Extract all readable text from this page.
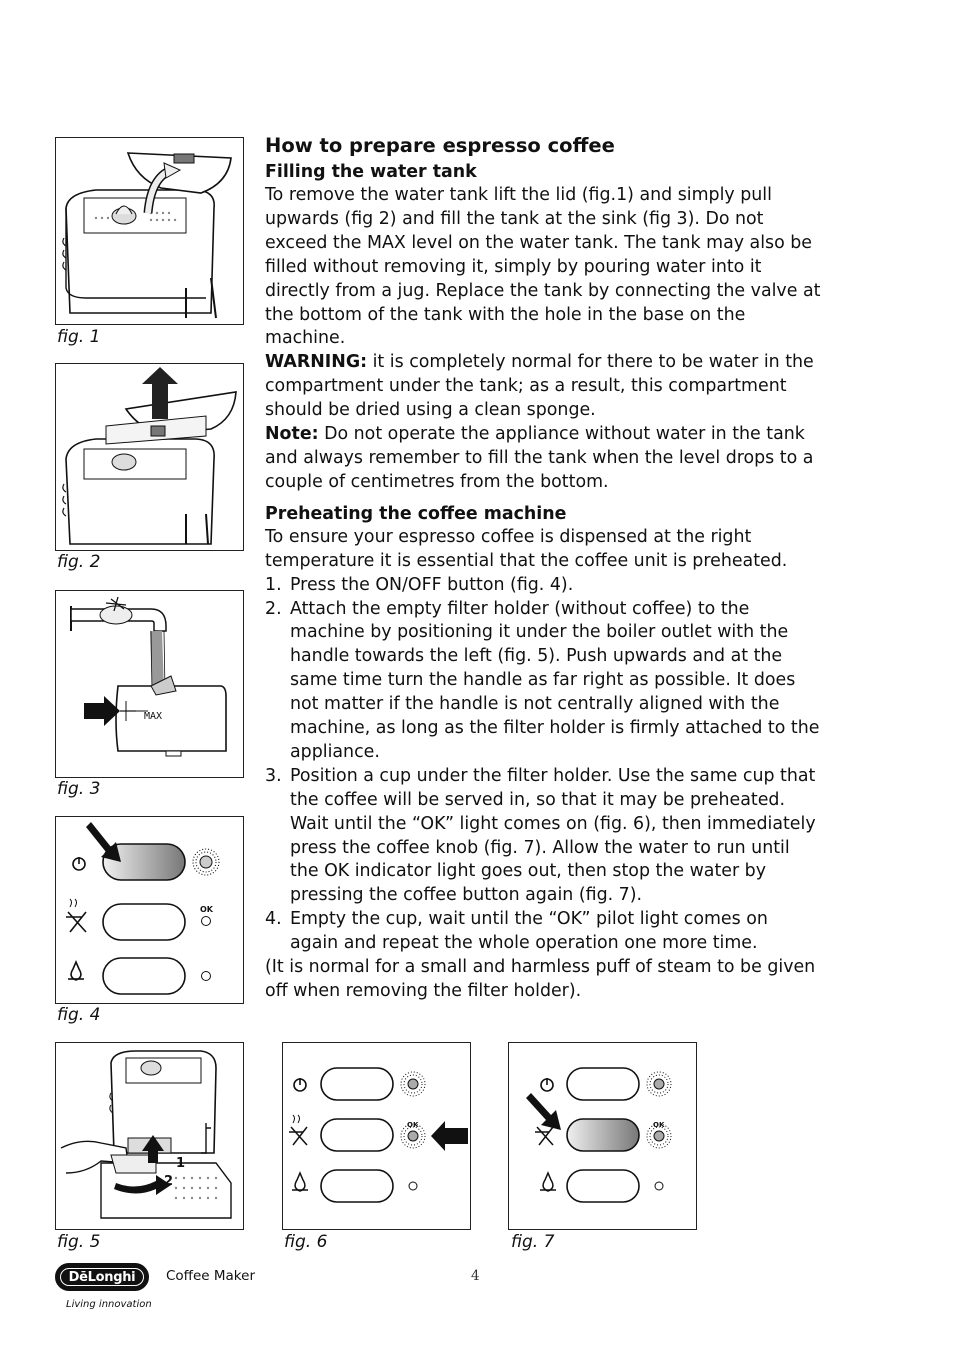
fig. 1
fig. 2
MAX
fig. 3
OK
fig. 4
1
2
fig. 5
OK
fig. 6
OK
fig. 7
How to prepare espresso coffee
Filling the water tank

To remove the water tank lift the lid (fig.1) and simply pull upwards (fig 2) and fill the tank at the sink (fig 3). Do not exceed the MAX level on the water tank. The tank may also be filled without removing it, simply by pouring water into it directly from a jug. Replace the tank by connecting the valve at the bottom of the tank with the hole in the base on the machine.

WARNING: it is completely normal for there to be water in the compartment under the tank; as a result, this compartment should be dried using a clean sponge.

Note: Do not operate the appliance without water in the tank and always remember to fill the tank when the level drops to a couple of centimetres from the bottom.

Preheating the coffee machine

To ensure your espresso coffee is dispensed at the right temperature it is essential that the coffee unit is preheated.

1. Press the ON/OFF button (fig. 4).
2. Attach the empty filter holder (without coffee) to the machine by positioning it under the boiler outlet with the handle towards the left (fig. 5). Push upwards and at the same time turn the handle as far right as possible. It does not matter if the handle is not centrally aligned with the machine, as long as the filter holder is firmly attached to the appliance.
3. Position a cup under the filter holder. Use the same cup that the coffee will be served in, so that it may be preheated. Wait until the “OK” light comes on (fig. 6), then immediately press the coffee knob (fig. 7). Allow the water to run until the OK indicator light goes out, then stop the water by pressing the coffee button again (fig. 7).
4. Empty the cup, wait until the “OK” pilot light comes on again and repeat the whole operation one more time.

(It is normal for a small and harmless puff of steam to be given off when removing the filter holder).

DēLonghi
Living innovation
Coffee Maker	4
